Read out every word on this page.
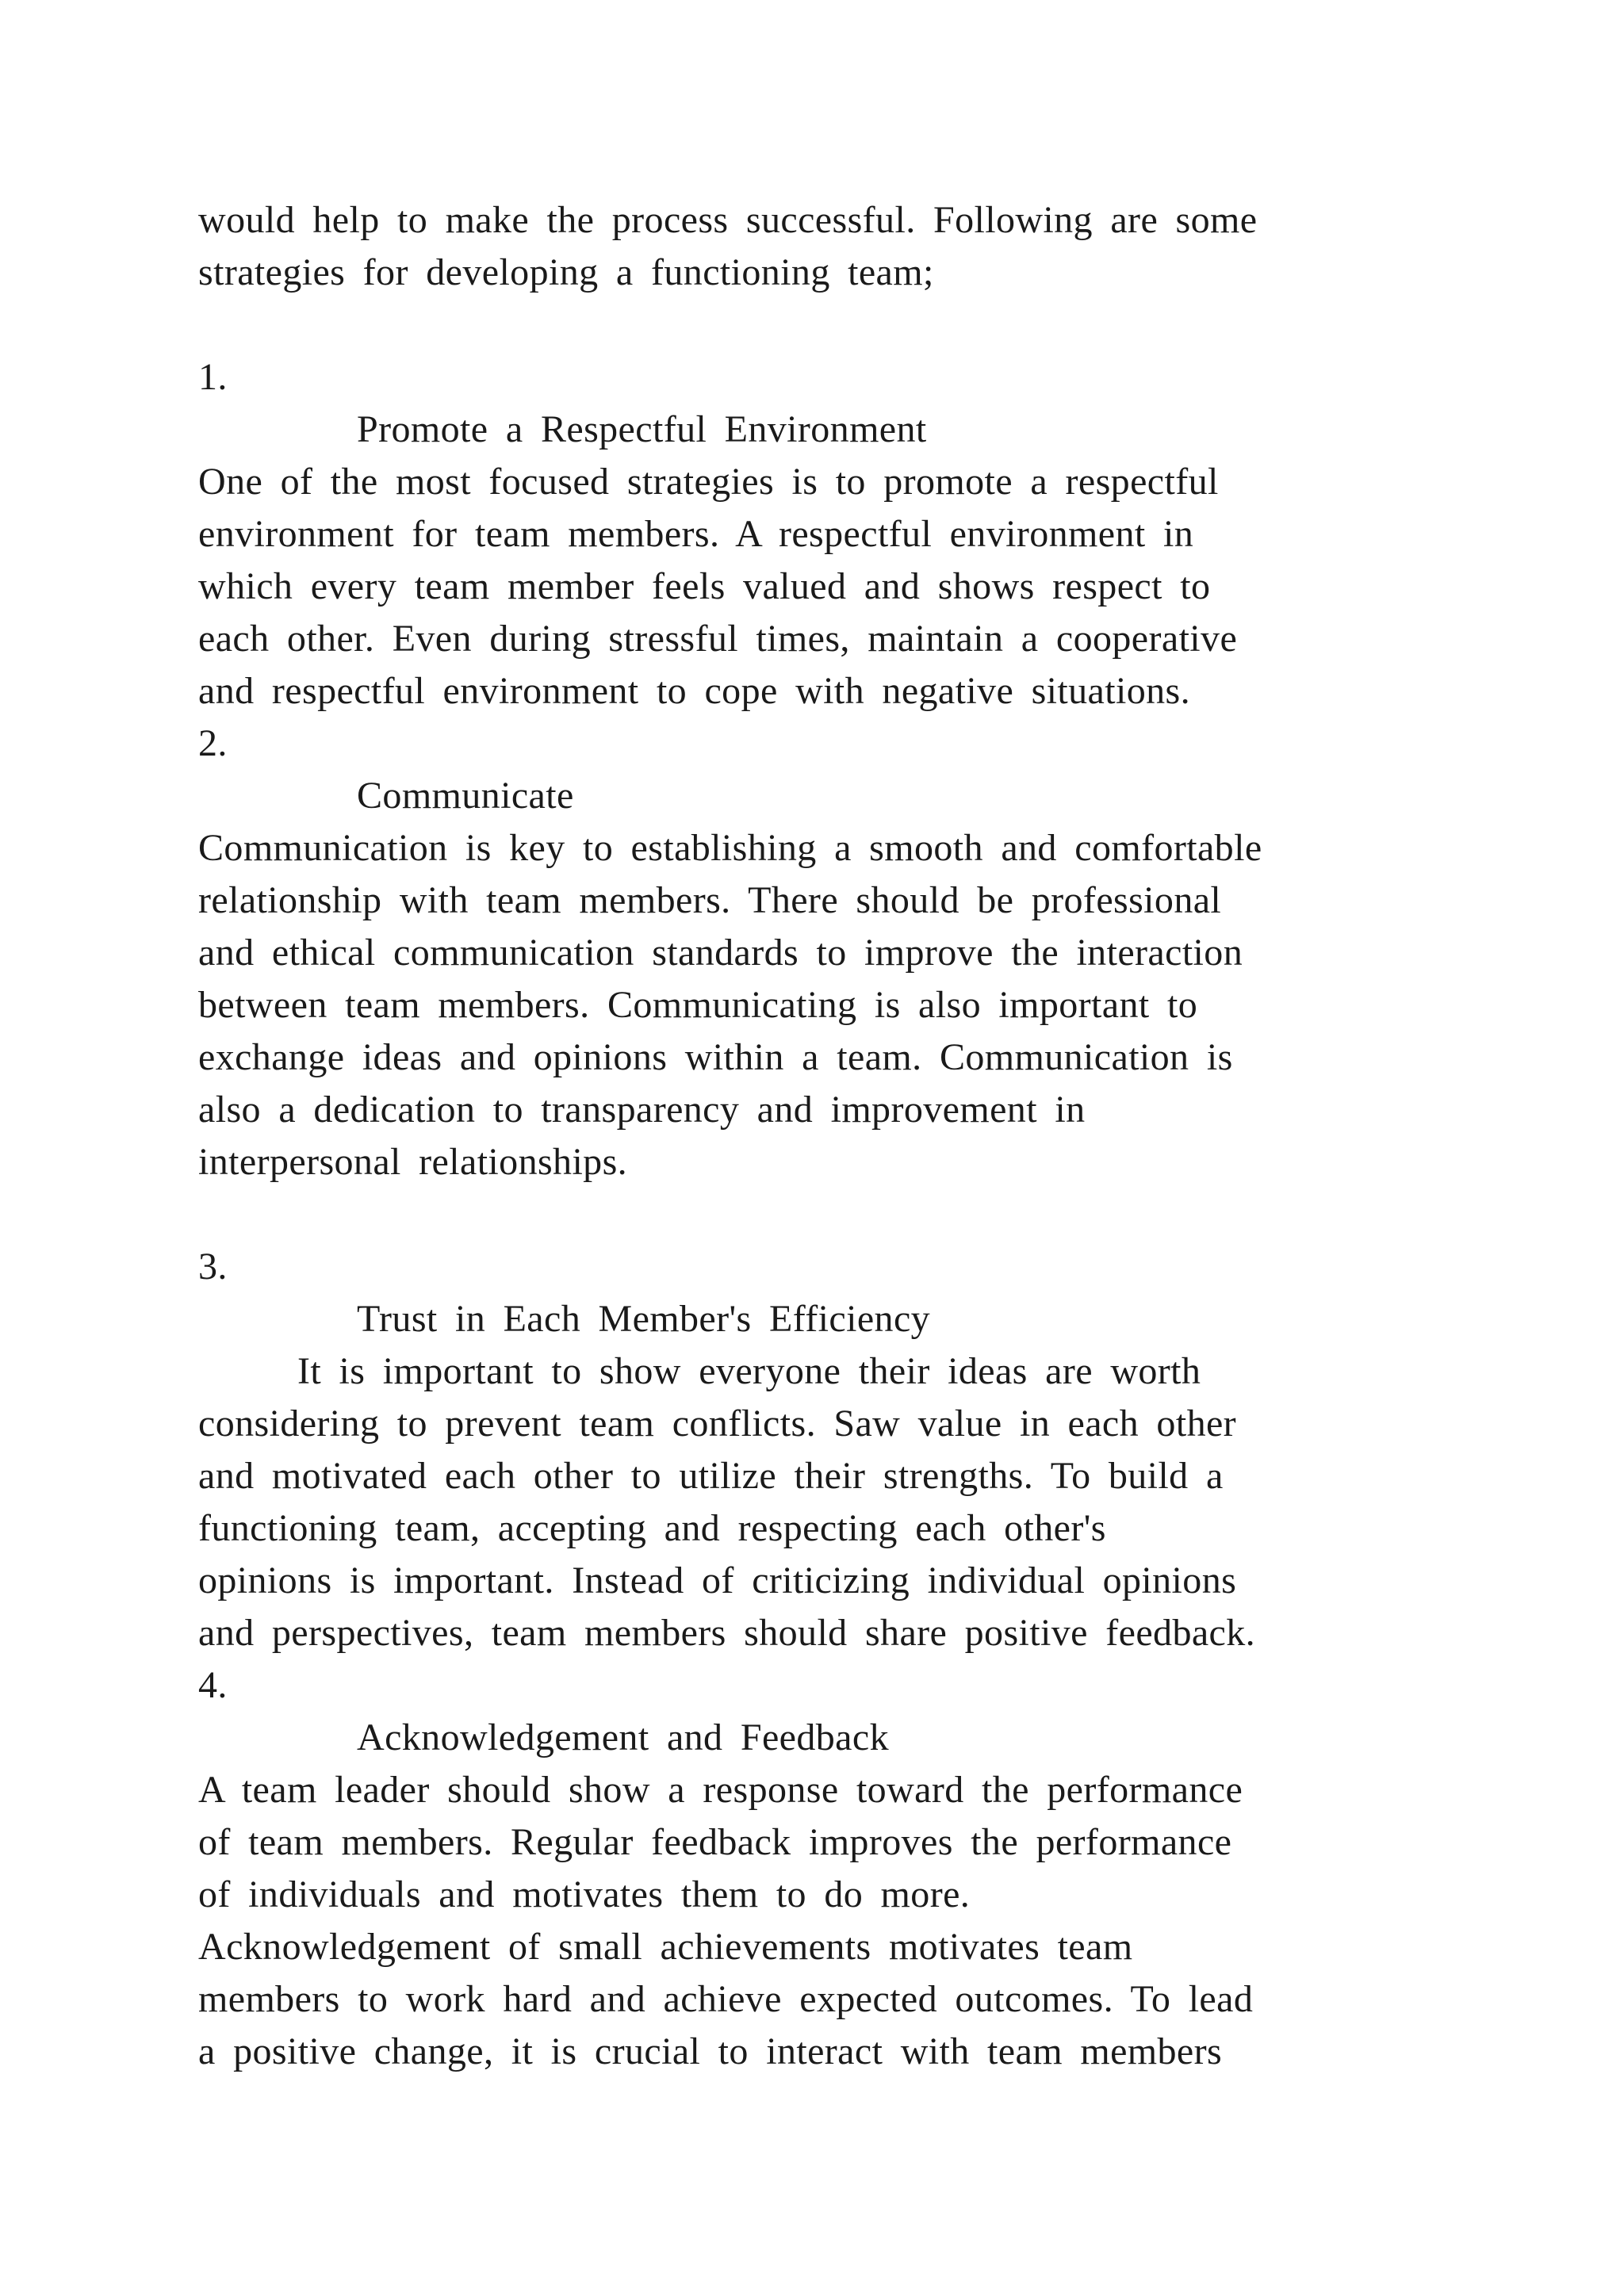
would help to make the process successful. Following are some
strategies for developing a functioning team;
1.
Promote a Respectful Environment
One of the most focused strategies is to promote a respectful
environment for team members. A respectful environment in
which every team member feels valued and shows respect to
each other. Even during stressful times, maintain a cooperative
and respectful environment to cope with negative situations.
2.
Communicate
Communication is key to establishing a smooth and comfortable
relationship with team members. There should be professional
and ethical communication standards to improve the interaction
between team members. Communicating is also important to
exchange ideas and opinions within a team. Communication is
also a dedication to transparency and improvement in
interpersonal relationships.
3.
Trust in Each Member's Efficiency
It is important to show everyone their ideas are worth
considering to prevent team conflicts. Saw value in each other
and motivated each other to utilize their strengths. To build a
functioning team, accepting and respecting each other's
opinions is important. Instead of criticizing individual opinions
and perspectives, team members should share positive feedback.
4.
Acknowledgement and Feedback
A team leader should show a response toward the performance
of team members. Regular feedback improves the performance
of individuals and motivates them to do more.
Acknowledgement of small achievements motivates team
members to work hard and achieve expected outcomes. To lead
a positive change, it is crucial to interact with team members
